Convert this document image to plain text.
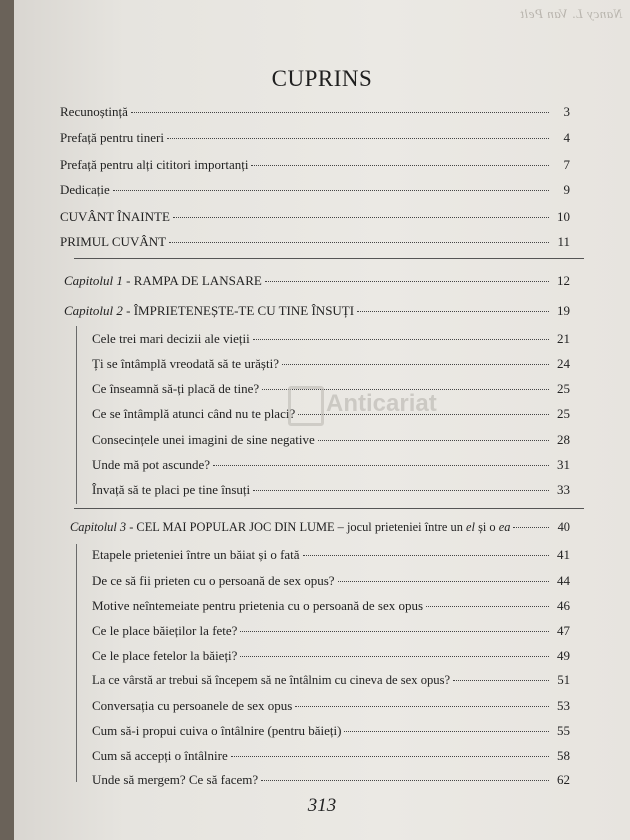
Nancy L. Van Pelt
CUPRINS
Recunoștință	3
Prefață pentru tineri	4
Prefață pentru alți cititori importanți	7
Dedicație	9
CUVÂNT ÎNAINTE	10
PRIMUL CUVÂNT	11
Capitolul 1 - RAMPA DE LANSARE	12
Capitolul 2 - ÎMPRIETENEȘTE-TE CU TINE ÎNSUȚI	19
Cele trei mari decizii ale vieții	21
Ți se întâmplă vreodată să te urăști?	24
Ce înseamnă să-ți placă de tine?	25
Ce se întâmplă atunci când nu te placi?	25
Consecințele unei imagini de sine negative	28
Unde mă pot ascunde?	31
Învață să te placi pe tine însuți	33
Capitolul 3 - CEL MAI POPULAR JOC DIN LUME – jocul prieteniei între un el și o ea	40
Etapele prieteniei între un băiat și o fată	41
De ce să fii prieten cu o persoană de sex opus?	44
Motive neîntemeiate pentru prietenia cu o persoană de sex opus	46
Ce le place băieților la fete?	47
Ce le place fetelor la băieți?	49
La ce vârstă ar trebui să începem să ne întâlnim cu cineva de sex opus?	51
Conversația cu persoanele de sex opus	53
Cum să-i propui cuiva o întâlnire (pentru băieți)	55
Cum să accepți o întâlnire	58
Unde să mergem? Ce să facem?	62
Anticariat
313
